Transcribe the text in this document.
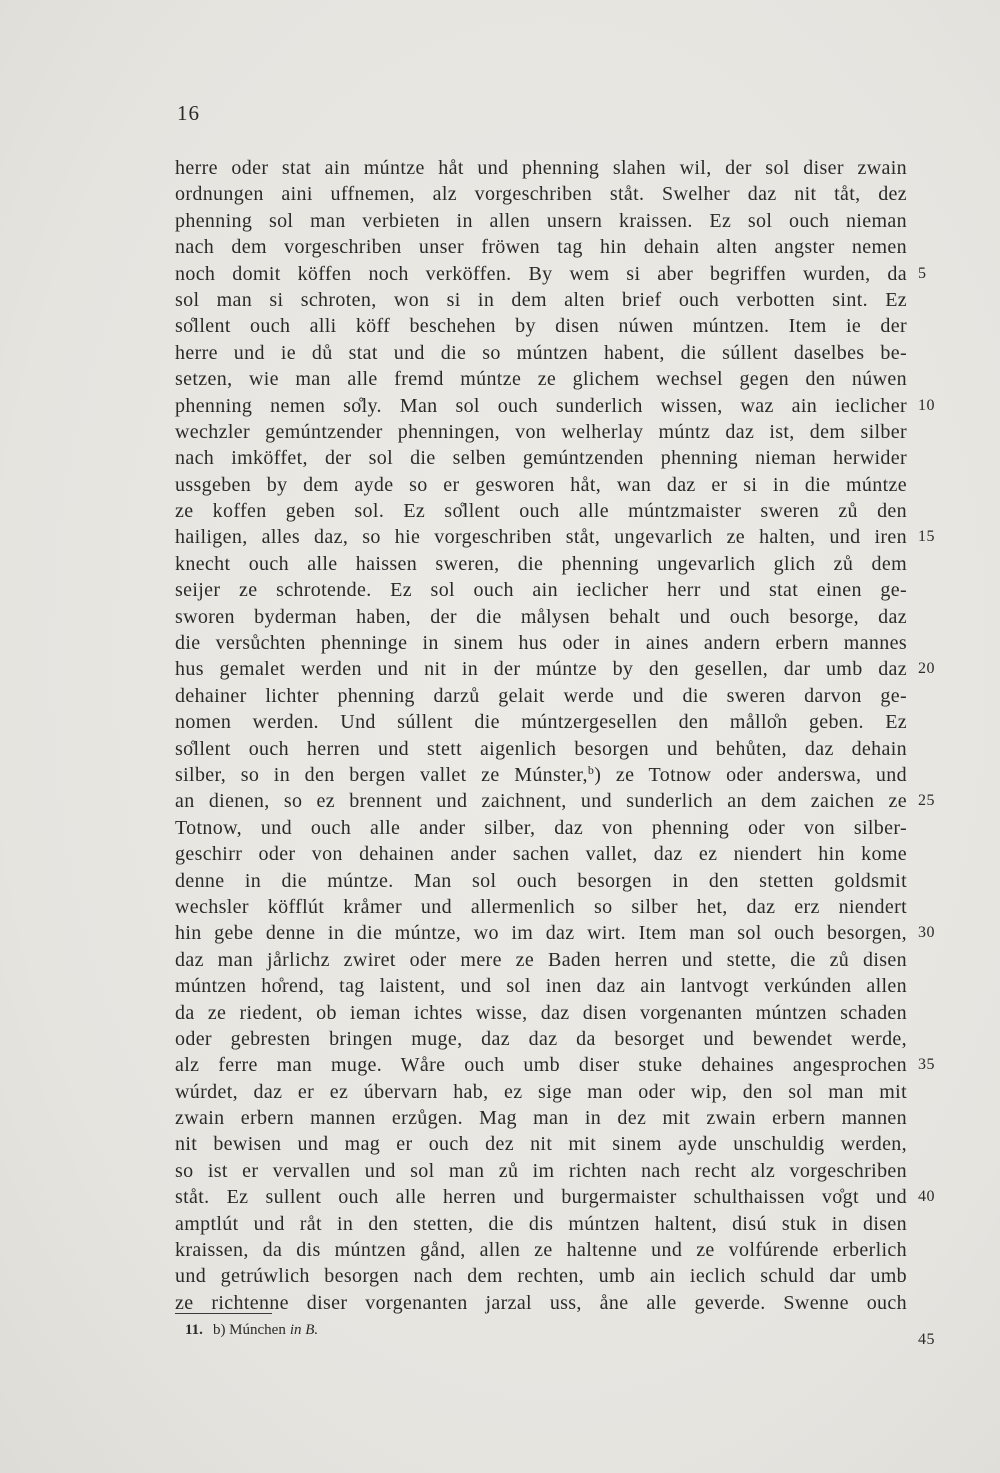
16
herre oder stat ain múntze håt und phenning slahen wil, der sol diser zwain
ordnungen aini uffnemen, alz vorgeschriben ståt. Swelher daz nit tåt, dez
phenning sol man verbieten in allen unsern kraissen. Ez sol ouch nieman
nach dem vorgeschriben unser fröwen tag hin dehain alten angster nemen
noch domit köffen noch verköffen. By wem si aber begriffen wurden, da 5
sol man si schroten, won si in dem alten brief ouch verbotten sint. Ez
so̊llent ouch alli köff beschehen by disen núwen múntzen. Item ie der
herre und ie dů stat und die so múntzen habent, die súllent daselbes be-
setzen, wie man alle fremd múntze ze glichem wechsel gegen den núwen
phenning nemen so̊ly. Man sol ouch sunderlich wissen, waz ain ieclicher 10
wechzler gemúntzender phenningen, von welherlay múntz daz ist, dem silber
nach imköffet, der sol die selben gemúntzenden phenning nieman herwider
ussgeben by dem ayde so er gesworen håt, wan daz er si in die múntze
ze koffen geben sol. Ez so̊llent ouch alle múntzmaister sweren zů den
hailigen, alles daz, so hie vorgeschriben ståt, ungevarlich ze halten, und iren 15
knecht ouch alle haissen sweren, die phenning ungevarlich glich zů dem
seijer ze schrotende. Ez sol ouch ain ieclicher herr und stat einen ge-
sworen byderman haben, der die målysen behalt und ouch besorge, daz
die versůchten phenninge in sinem hus oder in aines andern erbern mannes
hus gemalet werden und nit in der múntze by den gesellen, dar umb daz 20
dehainer lichter phenning darzů gelait werde und die sweren darvon ge-
nomen werden. Und súllent die múntzergesellen den mållo̊n geben. Ez
so̊llent ouch herren und stett aigenlich besorgen und behůten, daz dehain
silber, so in den bergen vallet ze Múnster,$^b$) ze Totnow oder anderswa, und
an dienen, so ez brennent und zaichnent, und sunderlich an dem zaichen ze 25
Totnow, und ouch alle ander silber, daz von phenning oder von silber-
geschirr oder von dehainen ander sachen vallet, daz ez niendert hin kome
denne in die múntze. Man sol ouch besorgen in den stetten goldsmit
wechsler köfflút kråmer und allermenlich so silber het, daz erz niendert
hin gebe denne in die múntze, wo im daz wirt. Item man sol ouch besorgen, 30
daz man jårlichz zwiret oder mere ze Baden herren und stette, die zů disen
múntzen ho̊rend, tag laistent, und sol inen daz ain lantvogt verkúnden allen
da ze riedent, ob ieman ichtes wisse, daz disen vorgenanten múntzen schaden
oder gebresten bringen muge, daz daz da besorget und bewendet werde,
alz ferre man muge. Wåre ouch umb diser stuke dehaines angesprochen 35
wúrdet, daz er ez úbervarn hab, ez sige man oder wip, den sol man mit
zwain erbern mannen erzůgen. Mag man in dez mit zwain erbern mannen
nit bewisen und mag er ouch dez nit mit sinem ayde unschuldig werden,
so ist er vervallen und sol man zů im richten nach recht alz vorgeschriben
ståt. Ez sullent ouch alle herren und burgermaister schulthaissen vo̊gt und 40
amptlút und råt in den stetten, die dis múntzen haltent, disú stuk in disen
kraissen, da dis múntzen gånd, allen ze haltenne und ze volfúrende erberlich
und getrúwlich besorgen nach dem rechten, umb ain ieclich schuld dar umb
ze richtenne diser vorgenanten jarzal uss, åne alle geverde. Swenne ouch
45
11. b) Múnchen in B.
